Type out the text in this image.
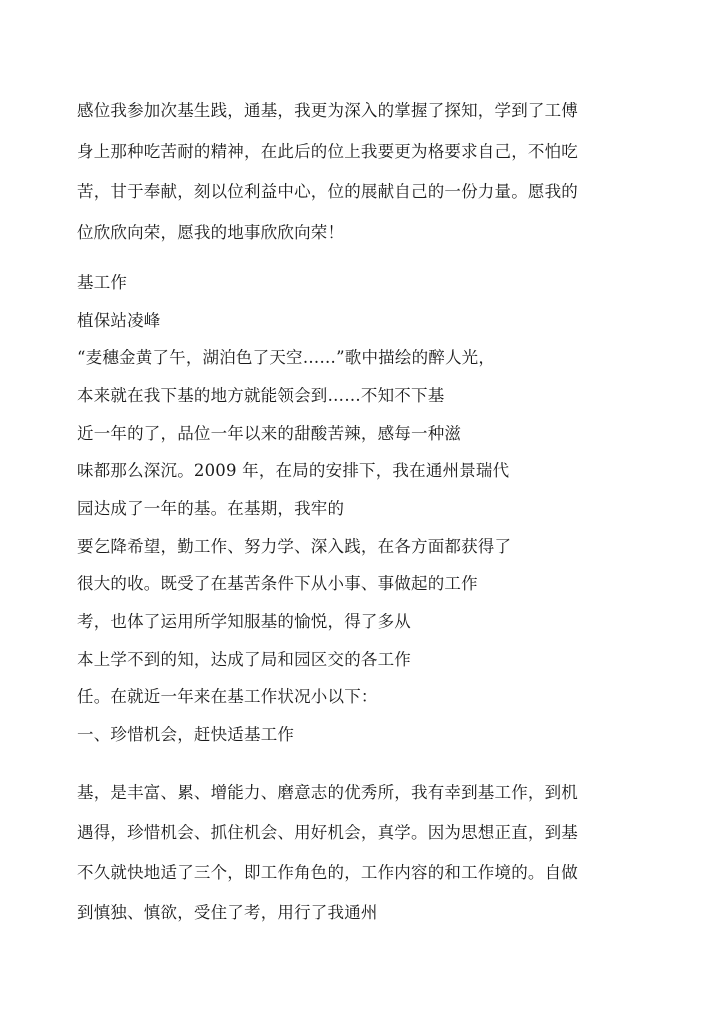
感位我参加次基生践，通基，我更为深入的掌握了探知，学到了工傅
身上那种吃苦耐的精神，在此后的位上我要更为格要求自己，不怕吃
苦，甘于奉献，刻以位利益中心，位的展献自己的一份力量。愿我的
位欣欣向荣，愿我的地事欣欣向荣！
基工作
植保站凌峰
“麦穗金黄了午，湖泊色了天空……”歌中描绘的醉人光，
本来就在我下基的地方就能领会到……不知不下基
近一年的了，品位一年以来的甜酸苦辣，感每一种滋
味都那么深沉。2009 年，在局的安排下，我在通州景瑞代
园达成了一年的基。在基期，我牢的
要乞降希望，勤工作、努力学、深入践，在各方面都获得了
很大的收。既受了在基苦条件下从小事、事做起的工作
考，也体了运用所学知服基的愉悦，得了多从
本上学不到的知，达成了局和园区交的各工作
任。在就近一年来在基工作状况小以下：
一、珍惜机会，赶快适基工作
基，是丰富、累、增能力、磨意志的优秀所，我有幸到基工作，到机
遇得，珍惜机会、抓住机会、用好机会，真学。因为思想正直，到基
不久就快地适了三个，即工作角色的，工作内容的和工作境的。自做
到慎独、慎欲，受住了考，用行了我通州
